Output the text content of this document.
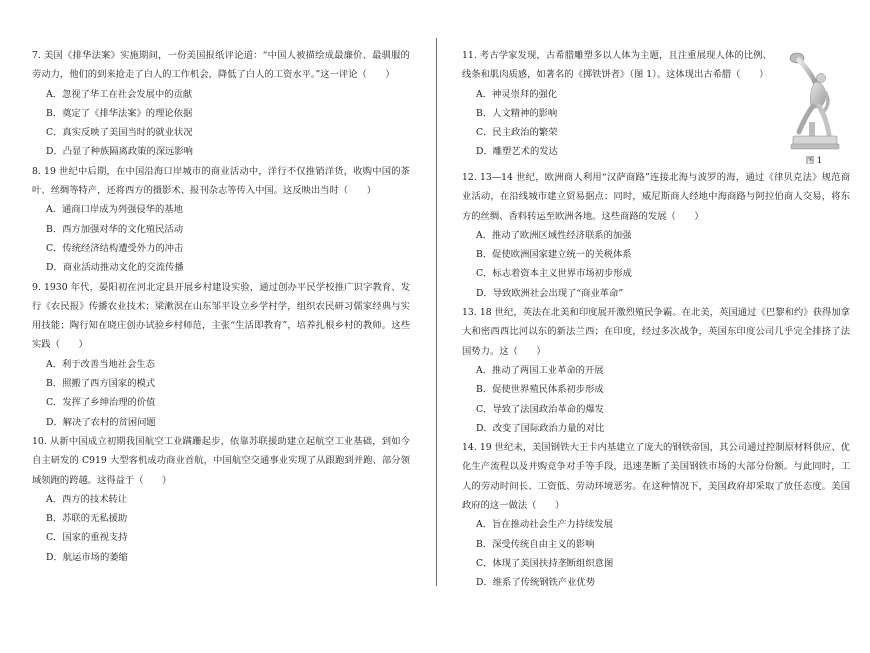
7. 美国《排华法案》实施期间，一份美国报纸评论道：“中国人被描绘成最廉价、最驯服的劳动力，他们的到来抢走了白人的工作机会，降低了白人的工资水平。”这一评论（　　）

A．忽视了华工在社会发展中的贡献

B．奠定了《排华法案》的理论依据

C．真实反映了美国当时的就业状况

D．凸显了种族隔离政策的深远影响

8. 19 世纪中后期，在中国沿海口岸城市的商业活动中，洋行不仅推销洋货，收购中国的茶叶、丝绸等特产，还将西方的摄影术、报刊杂志等传入中国。这反映出当时（　　）

A．通商口岸成为列强侵华的基地

B．西方加强对华的文化殖民活动

C．传统经济结构遭受外力的冲击

D．商业活动推动文化的交流传播

9. 1930 年代，晏阳初在河北定县开展乡村建设实验，通过创办平民学校推广识字教育、发行《农民报》传播农业技术；梁漱溟在山东邹平设立乡学村学，组织农民研习儒家经典与实用技能；陶行知在晓庄创办试验乡村师范，主张“生活即教育”，培养扎根乡村的教师。这些实践（　　）

A．利于改善当地社会生态

B．照搬了西方国家的模式

C．发挥了乡绅治理的价值

D．解决了农村的贫困问题

10. 从新中国成立初期我国航空工业蹒跚起步，依靠苏联援助建立起航空工业基础，到如今自主研发的 C919 大型客机成功商业首航，中国航空交通事业实现了从跟跑到并跑、部分领域领跑的跨越。这得益于（　　）

A．西方的技术转让

B．苏联的无私援助

C．国家的重视支持

D．航运市场的萎缩

图 1

11. 考古学家发现，古希腊雕塑多以人体为主题，且注重展现人体的比例、线条和肌肉质感，如著名的《掷铁饼者》（图 1）。这体现出古希腊（　　）

A．神灵崇拜的强化

B．人文精神的影响

C．民主政治的繁荣

D．雕塑艺术的发达

12. 13—14 世纪，欧洲商人利用“汉萨商路”连接北海与波罗的海，通过《律贝克法》规范商业活动，在沿线城市建立贸易据点；同时，威尼斯商人经地中海商路与阿拉伯商人交易，将东方的丝绸、香料转运至欧洲各地。这些商路的发展（　　）

A．推动了欧洲区域性经济联系的加强

B．促使欧洲国家建立统一的关税体系

C．标志着资本主义世界市场初步形成

D．导致欧洲社会出现了“商业革命”

13. 18 世纪，英法在北美和印度展开激烈殖民争霸。在北美，英国通过《巴黎和约》获得加拿大和密西西比河以东的新法兰西；在印度，经过多次战争，英国东印度公司几乎完全排挤了法国势力。这（　　）

A．推动了两国工业革命的开展

B．促使世界殖民体系初步形成

C．导致了法国政治革命的爆发

D．改变了国际政治力量的对比

14. 19 世纪末，美国钢铁大王卡内基建立了庞大的钢铁帝国，其公司通过控制原材料供应、优化生产流程以及并购竞争对手等手段，迅速垄断了美国钢铁市场的大部分份额。与此同时，工人的劳动时间长、工资低、劳动环境恶劣。在这种情况下，美国政府却采取了放任态度。美国政府的这一做法（　　）

A．旨在推动社会生产力持续发展

B．深受传统自由主义的影响

C．体现了美国扶持垄断组织意图

D．维系了传统钢铁产业优势
